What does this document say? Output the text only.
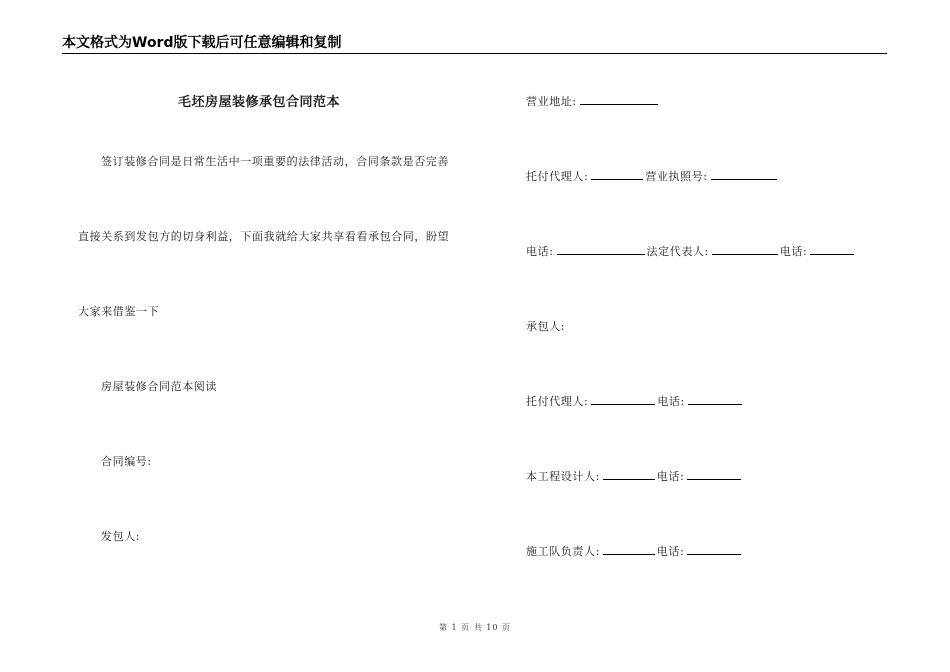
本文格式为Word版下载后可任意编辑和复制
毛坯房屋装修承包合同范本
签订装修合同是日常生活中一项重要的法律活动，合同条款是否完善
直接关系到发包方的切身利益，下面我就给大家共享看看承包合同，盼望
大家来借鉴一下
房屋装修合同范本阅读
合同编号:
发包人:
营业地址:
托付代理人:	营业执照号:
电话:	法定代表人:	电话:
承包人:
托付代理人:	电话:
本工程设计人:	电话:
施工队负责人:	电话:
第 1 页 共 10 页
